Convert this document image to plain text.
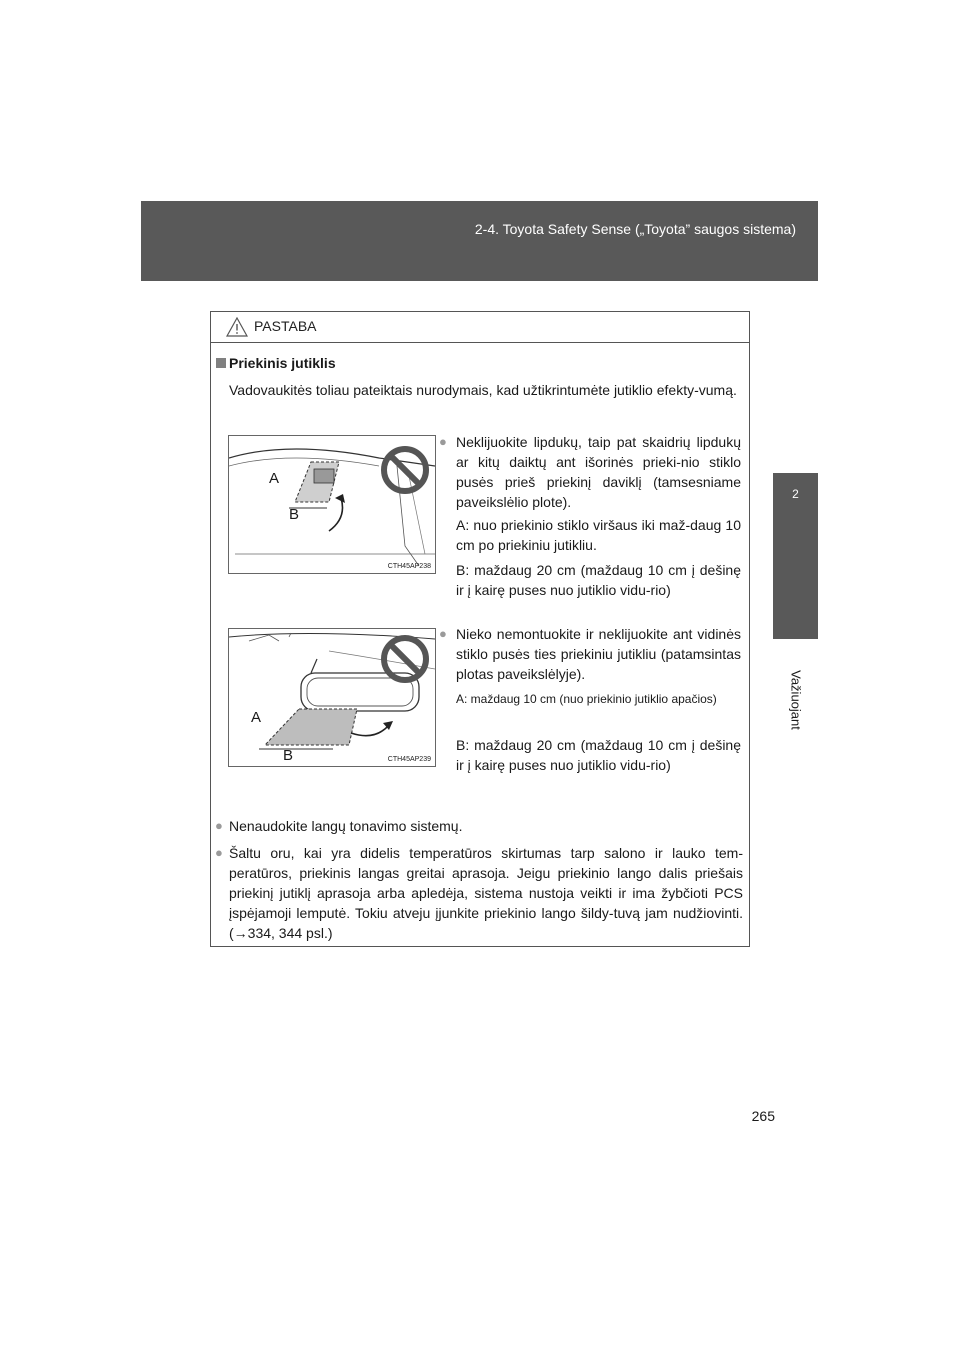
2-4. Toyota Safety Sense („Toyota” saugos sistema)
2
Važiuojant
265
PASTABA
Priekinis jutiklis
Vadovaukitės toliau pateiktais nurodymais, kad užtikrintumėte jutiklio efekty-vumą.
A
B
CTH45AP238
● Neklijuokite lipdukų, taip pat skaidrių lipdukų ar kitų daiktų ant išorinės prieki-nio stiklo pusės prieš priekinį daviklį (tamsesniame paveikslėlio plote).
A: nuo priekinio stiklo viršaus iki maž-daug 10 cm po priekiniu jutikliu.
B: maždaug 20 cm (maždaug 10 cm į dešinę ir į kairę puses nuo jutiklio vidu-rio)
A
B	CTH45AP239
● Nieko nemontuokite ir neklijuokite ant vidinės stiklo pusės ties priekiniu jutikliu (patamsintas plotas paveikslėlyje).
A: maždaug 10 cm (nuo priekinio jutiklio apačios)
B: maždaug 20 cm (maždaug 10 cm į dešinę ir į kairę puses nuo jutiklio vidu-rio)
● Nenaudokite langų tonavimo sistemų.
● Šaltu oru, kai yra didelis temperatūros skirtumas tarp salono ir lauko tem-peratūros, priekinis langas greitai aprasoja. Jeigu priekinio lango dalis priešais priekinį jutiklį aprasoja arba apledėja, sistema nustoja veikti ir ima žybčioti PCS įspėjamoji lemputė. Tokiu atveju įjunkite priekinio lango šildy-tuvą jam nudžiovinti. (→334, 344 psl.)
